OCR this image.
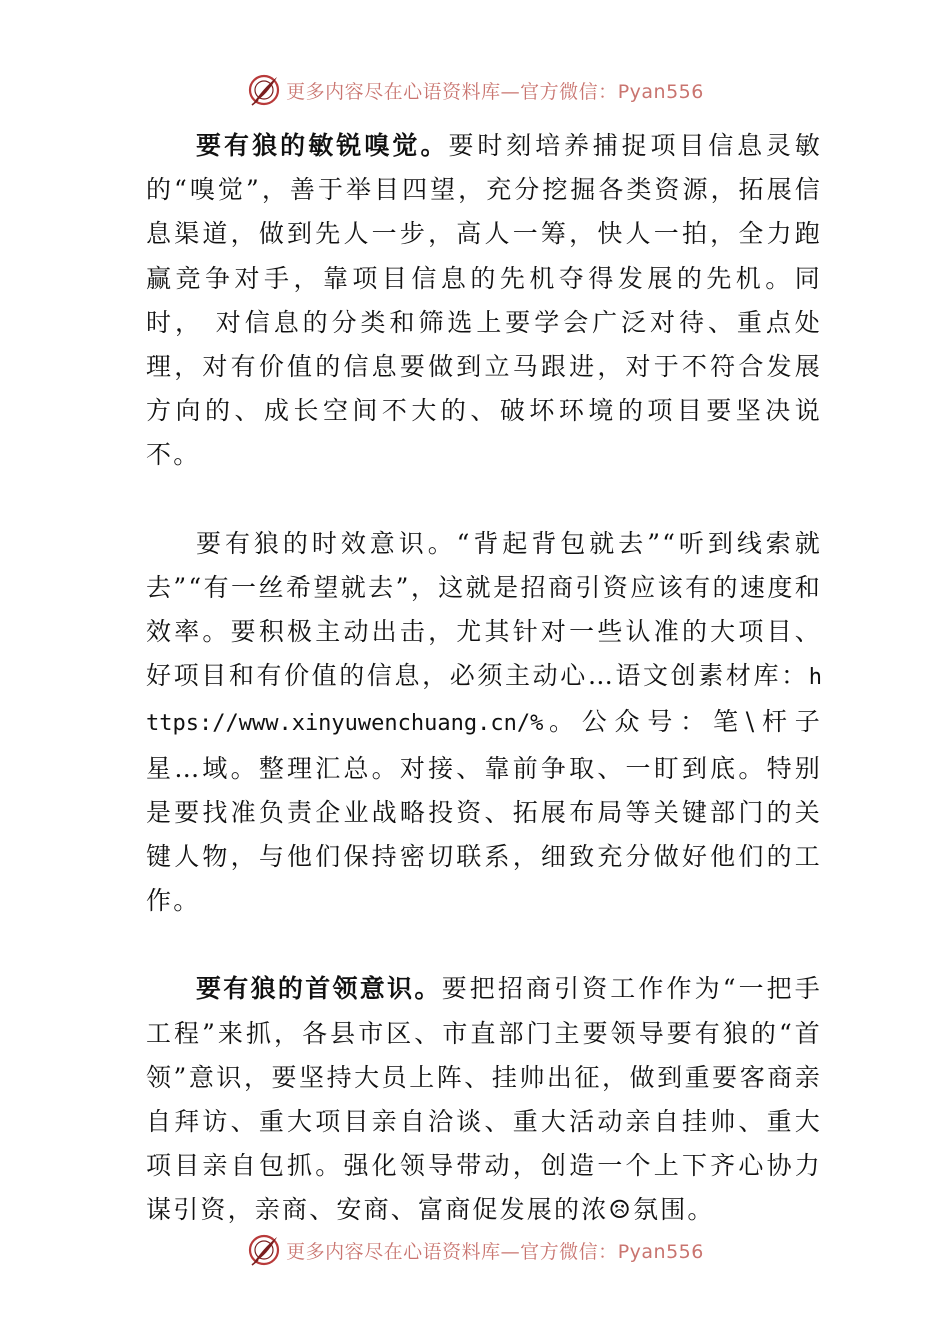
更多内容尽在心语资料库—官方微信：Pyan556

要有狼的敏锐嗅觉。要时刻培养捕捉项目信息灵敏的“嗅觉”，善于举目四望，充分挖掘各类资源，拓展信息渠道，做到先人一步，高人一筹，快人一拍，全力跑赢竞争对手，靠项目信息的先机夺得发展的先机。同时， 对信息的分类和筛选上要学会广泛对待、重点处理，对有价值的信息要做到立马跟进，对于不符合发展方向的、成长空间不大的、破坏环境的项目要坚决说不。

要有狼的时效意识。“背起背包就去”“听到线索就去”“有一丝希望就去”，这就是招商引资应该有的速度和效率。要积极主动出击，尤其针对一些认准的大项目、好项目和有价值的信息，必须主动心…语文创素材库：https://www.xinyuwenchuang.cn/%。公众号：笔\杆子星…域。整理汇总。对接、靠前争取、一盯到底。特别是要找准负责企业战略投资、拓展布局等关键部门的关键人物，与他们保持密切联系，细致充分做好他们的工作。

要有狼的首领意识。要把招商引资工作作为“一把手工程”来抓，各县市区、市直部门主要领导要有狼的“首领”意识，要坚持大员上阵、挂帅出征，做到重要客商亲自拜访、重大项目亲自洽谈、重大活动亲自挂帅、重大项目亲自包抓。强化领导带动，创造一个上下齐心协力谋引资，亲商、安商、富商促发展的浓☹氛围。

更多内容尽在心语资料库—官方微信：Pyan556
